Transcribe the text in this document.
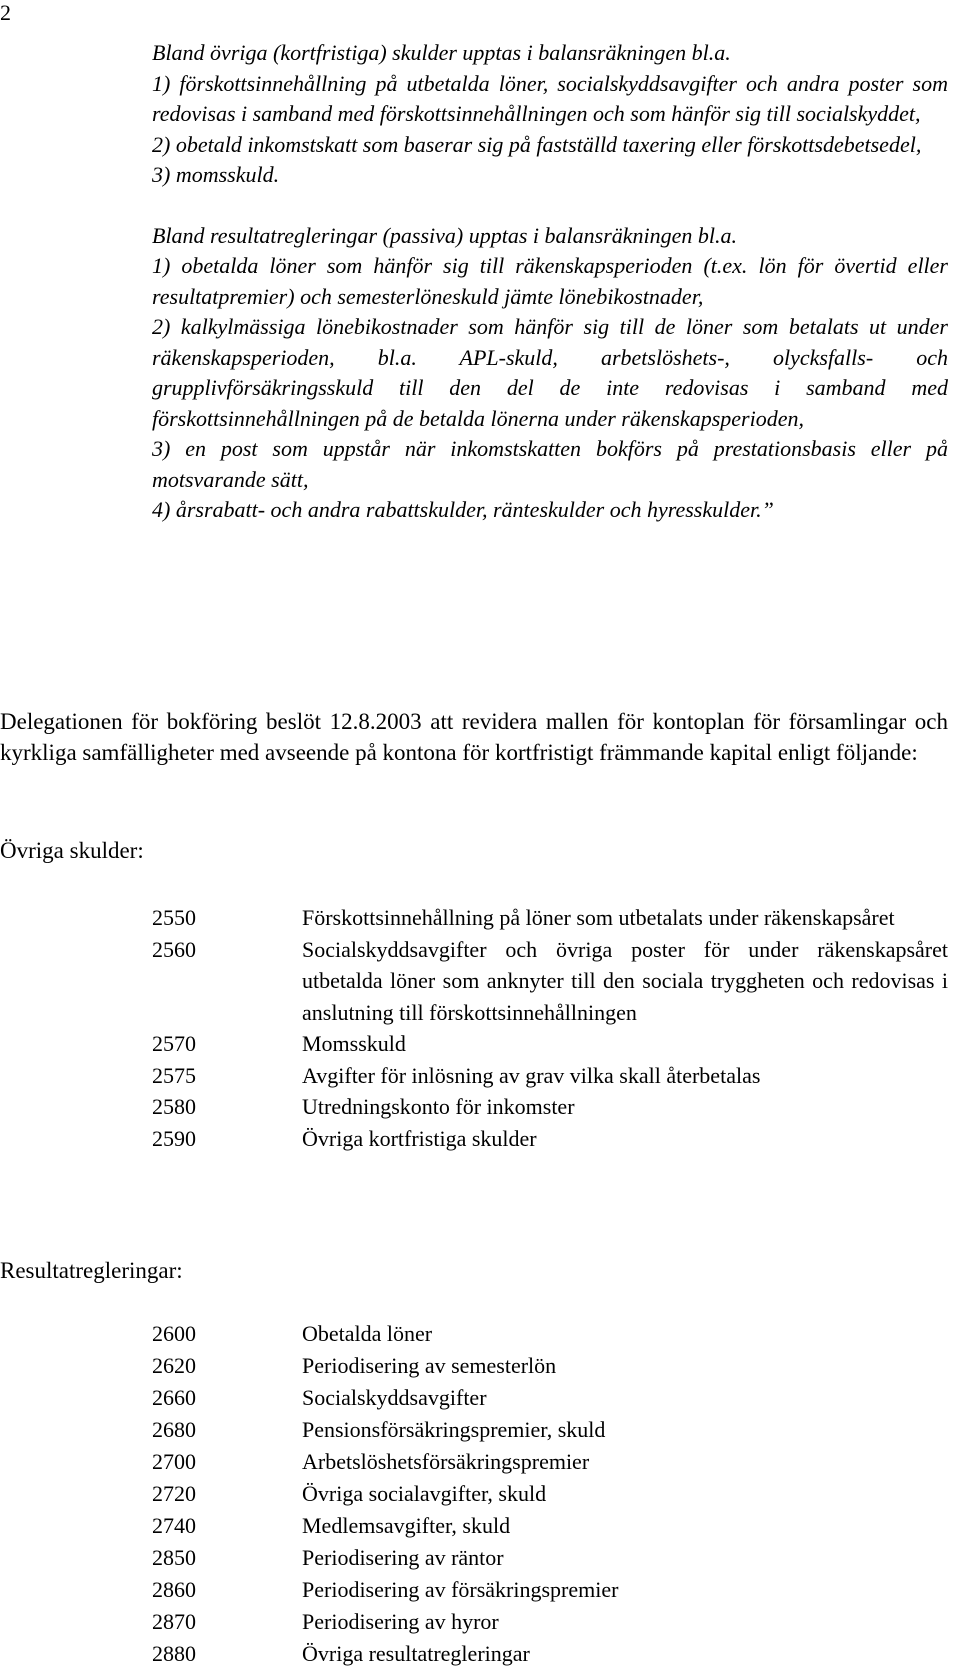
2

Bland övriga (kortfristiga) skulder upptas i balansräkningen bl.a.

1) förskottsinnehållning på utbetalda löner, socialskyddsavgifter och andra poster som redovisas i samband med förskottsinnehållningen och som hänför sig till socialskyddet,

2) obetald inkomstskatt som baserar sig på fastställd taxering eller förskottsdebetsedel,

3) momsskuld.

Bland resultatregleringar (passiva) upptas i balansräkningen bl.a.

1) obetalda löner som hänför sig till räkenskapsperioden (t.ex. lön för övertid eller resultatpremier) och semesterlöneskuld jämte lönebikostnader,

2) kalkylmässiga lönebikostnader som hänför sig till de löner som betalats ut under räkenskapsperioden, bl.a. APL-skuld, arbetslöshets-, olycksfalls- och grupplivförsäkringsskuld till den del de inte redovisas i samband med förskottsinnehållningen på de betalda lönerna under räkenskapsperioden,

3) en post som uppstår när inkomstskatten bokförs på prestationsbasis eller på motsvarande sätt,

4) årsrabatt- och andra rabattskulder, ränteskulder och hyresskulder.”

Delegationen för bokföring beslöt 12.8.2003 att revidera mallen för kontoplan för församlingar och kyrkliga samfälligheter med avseende på kontona för kortfristigt främmande kapital enligt följande:

Övriga skulder:

2550	Förskottsinnehållning på löner som utbetalats under räkenskapsåret
2560	Socialskyddsavgifter och övriga poster för under räkenskapsåret utbetalda löner som anknyter till den sociala tryggheten och redovisas i anslutning till förskottsinnehållningen
2570	Momsskuld
2575	Avgifter för inlösning av grav vilka skall återbetalas
2580	Utredningskonto för inkomster
2590	Övriga kortfristiga skulder

Resultatregleringar:

2600	Obetalda löner
2620	Periodisering av semesterlön
2660	Socialskyddsavgifter
2680	Pensionsförsäkringspremier, skuld
2700	Arbetslöshetsförsäkringspremier
2720	Övriga socialavgifter, skuld
2740	Medlemsavgifter, skuld
2850	Periodisering av räntor
2860	Periodisering av försäkringspremier
2870	Periodisering av hyror
2880	Övriga resultatregleringar
